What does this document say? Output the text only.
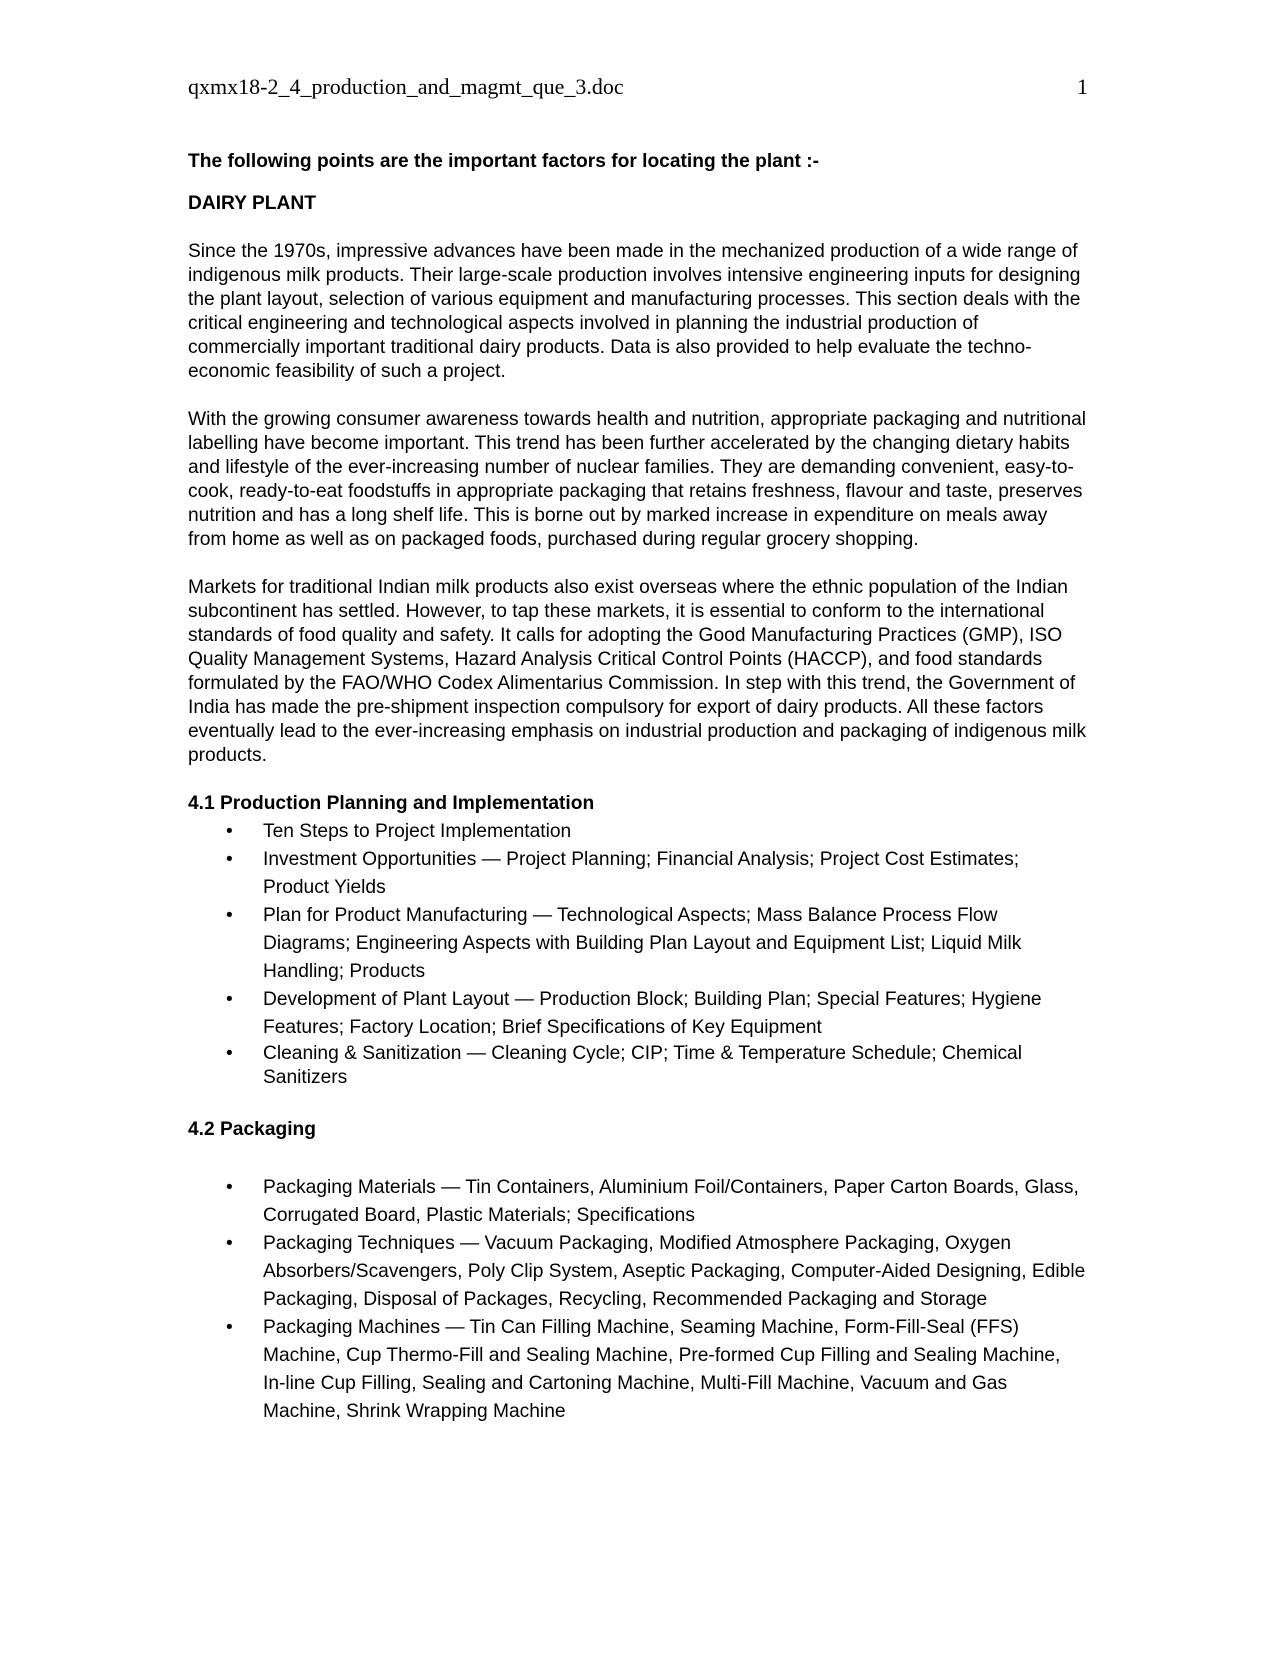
qxmx18-2_4_production_and_magmt_que_3.doc	1

The following points are the important factors for locating the plant :-

DAIRY PLANT

Since the 1970s, impressive advances have been made in the mechanized production of a wide range of indigenous milk products. Their large-scale production involves intensive engineering inputs for designing the plant layout, selection of various equipment and manufacturing processes. This section deals with the critical engineering and technological aspects involved in planning the industrial production of commercially important traditional dairy products. Data is also provided to help evaluate the techno-economic feasibility of such a project.

With the growing consumer awareness towards health and nutrition, appropriate packaging and nutritional labelling have become important. This trend has been further accelerated by the changing dietary habits and lifestyle of the ever-increasing number of nuclear families. They are demanding convenient, easy-to-cook, ready-to-eat foodstuffs in appropriate packaging that retains freshness, flavour and taste, preserves nutrition and has a long shelf life. This is borne out by marked increase in expenditure on meals away from home as well as on packaged foods, purchased during regular grocery shopping.

Markets for traditional Indian milk products also exist overseas where the ethnic population of the Indian subcontinent has settled. However, to tap these markets, it is essential to conform to the international standards of food quality and safety. It calls for adopting the Good Manufacturing Practices (GMP), ISO Quality Management Systems, Hazard Analysis Critical Control Points (HACCP), and food standards formulated by the FAO/WHO Codex Alimentarius Commission. In step with this trend, the Government of India has made the pre-shipment inspection compulsory for export of dairy products. All these factors eventually lead to the ever-increasing emphasis on industrial production and packaging of indigenous milk products.

4.1 Production Planning and Implementation

• Ten Steps to Project Implementation
• Investment Opportunities — Project Planning; Financial Analysis; Project Cost Estimates; Product Yields
• Plan for Product Manufacturing — Technological Aspects; Mass Balance Process Flow Diagrams; Engineering Aspects with Building Plan Layout and Equipment List; Liquid Milk Handling; Products
• Development of Plant Layout — Production Block; Building Plan; Special Features; Hygiene Features; Factory Location; Brief Specifications of Key Equipment
• Cleaning & Sanitization — Cleaning Cycle; CIP; Time & Temperature Schedule; Chemical Sanitizers

4.2 Packaging

• Packaging Materials — Tin Containers, Aluminium Foil/Containers, Paper Carton Boards, Glass, Corrugated Board, Plastic Materials; Specifications
• Packaging Techniques — Vacuum Packaging, Modified Atmosphere Packaging, Oxygen Absorbers/Scavengers, Poly Clip System, Aseptic Packaging, Computer-Aided Designing, Edible Packaging, Disposal of Packages, Recycling, Recommended Packaging and Storage
• Packaging Machines — Tin Can Filling Machine, Seaming Machine, Form-Fill-Seal (FFS) Machine, Cup Thermo-Fill and Sealing Machine, Pre-formed Cup Filling and Sealing Machine, In-line Cup Filling, Sealing and Cartoning Machine, Multi-Fill Machine, Vacuum and Gas Machine, Shrink Wrapping Machine
